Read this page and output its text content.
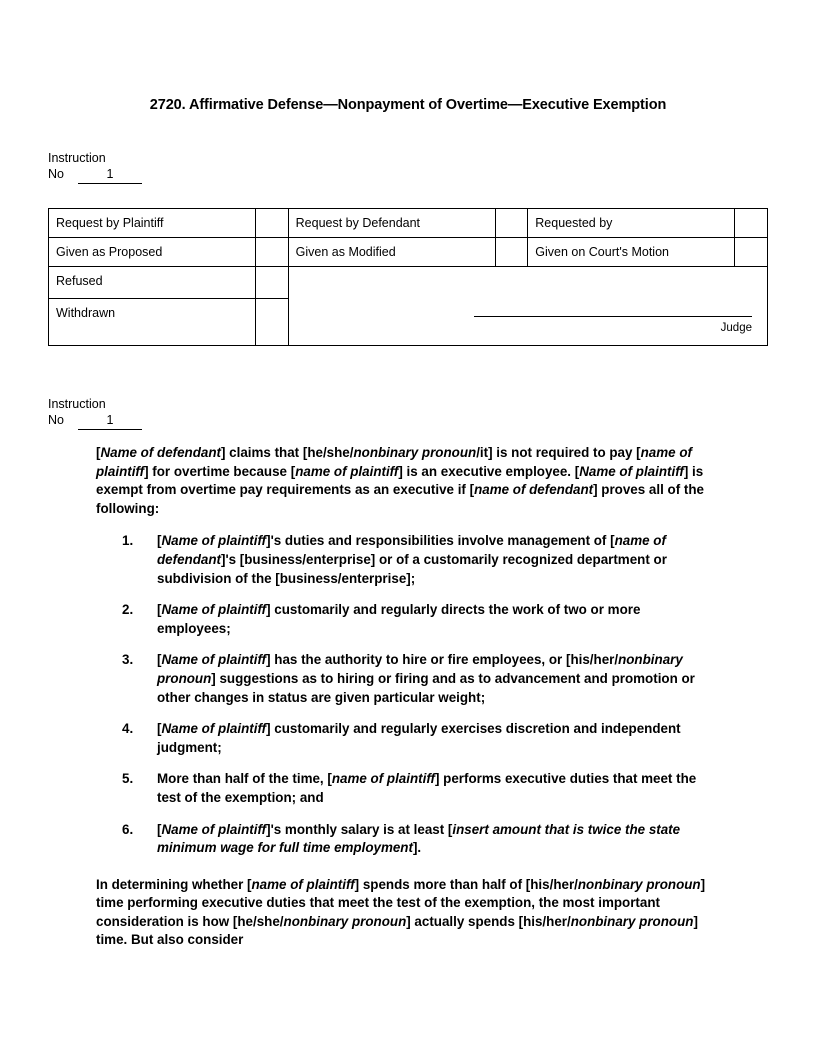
2720. Affirmative Defense—Nonpayment of Overtime—Executive Exemption
Instruction
No	1
Request by Plaintiff		Request by Defendant		Requested by	
Given as Proposed		Given as Modified		Given on Court's Motion	
Refused		Judge			

Withdrawn					
Instruction
No	1

[Name of defendant] claims that [he/she/nonbinary pronoun/it] is not required to pay [name of plaintiff] for overtime because [name of plaintiff] is an executive employee. [Name of plaintiff] is exempt from overtime pay requirements as an executive if [name of defendant] proves all of the following:

1. [Name of plaintiff]'s duties and responsibilities involve management of [name of defendant]'s [business/enterprise] or of a customarily recognized department or subdivision of the [business/enterprise];
2. [Name of plaintiff] customarily and regularly directs the work of two or more employees;
3. [Name of plaintiff] has the authority to hire or fire employees, or [his/her/nonbinary pronoun] suggestions as to hiring or firing and as to advancement and promotion or other changes in status are given particular weight;
4. [Name of plaintiff] customarily and regularly exercises discretion and independent judgment;
5. More than half of the time, [name of plaintiff] performs executive duties that meet the test of the exemption; and
6. [Name of plaintiff]'s monthly salary is at least [insert amount that is twice the state minimum wage for full time employment].

In determining whether [name of plaintiff] spends more than half of [his/her/nonbinary pronoun] time performing executive duties that meet the test of the exemption, the most important consideration is how [he/she/nonbinary pronoun] actually spends [his/her/nonbinary pronoun] time. But also consider
